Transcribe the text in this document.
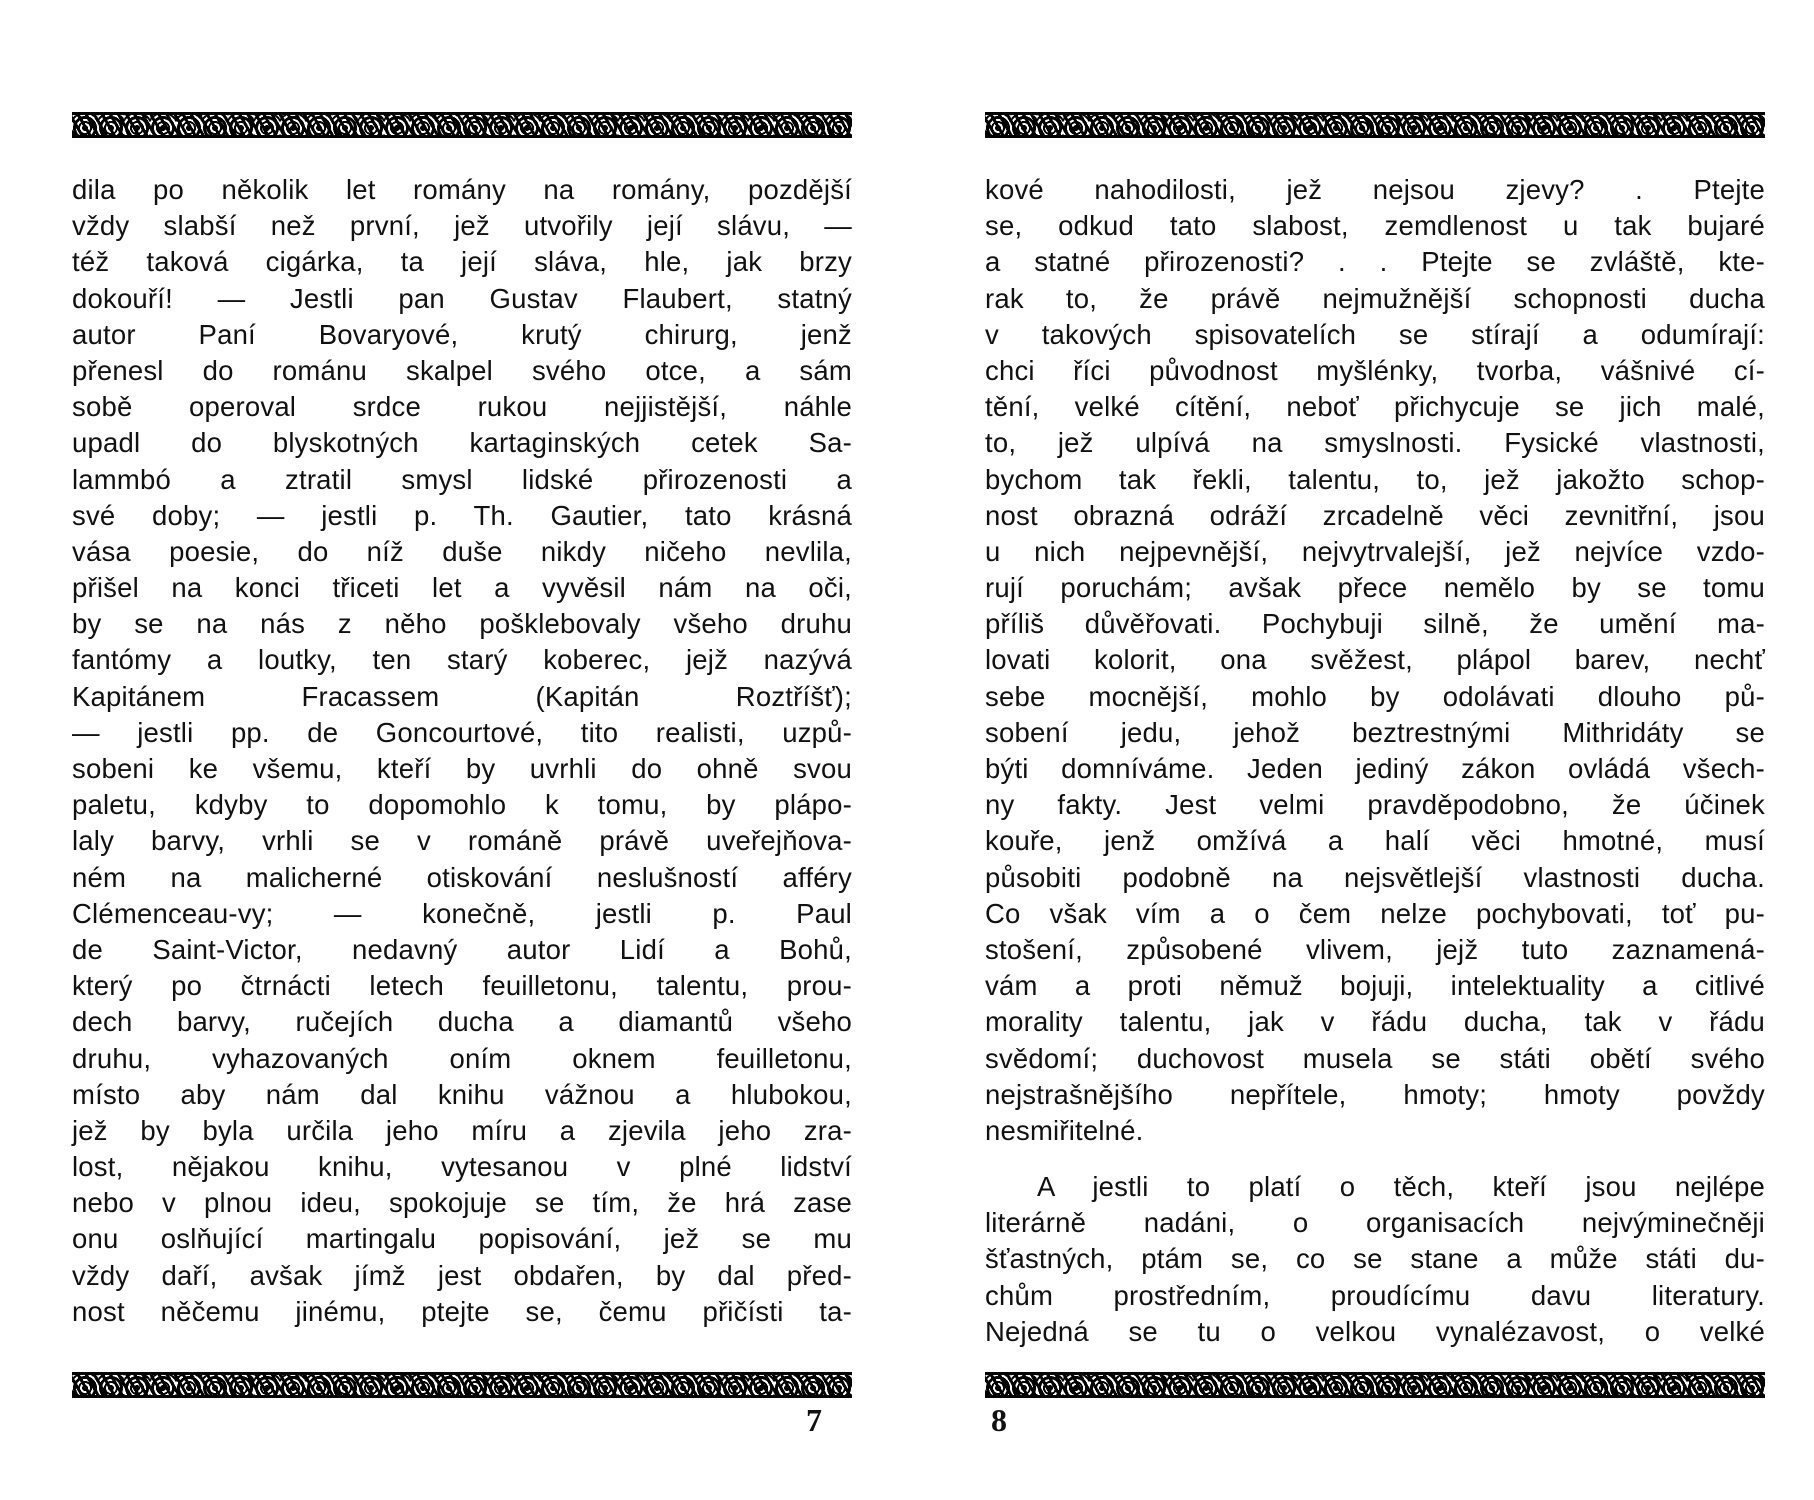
dila po několik let romány na romány, pozdější
vždy slabší než první, jež utvořily její slávu, —
též taková cigárka, ta její sláva, hle, jak brzy
dokouří! — Jestli pan Gustav Flaubert, statný
autor Paní Bovaryové, krutý chirurg, jenž
přenesl do románu skalpel svého otce, a sám
sobě operoval srdce rukou nejjistější, náhle
upadl do blyskotných kartaginských cetek Sa-
lammbó a ztratil smysl lidské přirozenosti a
své doby; — jestli p. Th. Gautier, tato krásná
vása poesie, do níž duše nikdy ničeho nevlila,
přišel na konci třiceti let a vyvěsil nám na oči,
by se na nás z něho pošklebovaly všeho druhu
fantómy a loutky, ten starý koberec, jejž nazývá
Kapitánem Fracassem (Kapitán Roztříšť);
— jestli pp. de Goncourtové, tito realisti, uzpů-
sobeni ke všemu, kteří by uvrhli do ohně svou
paletu, kdyby to dopomohlo k tomu, by plápo-
laly barvy, vrhli se v románě právě uveřejňova-
ném na malicherné otiskování neslušností afféry
Clémenceau-vy; — konečně, jestli p. Paul
de Saint-Victor, nedavný autor Lidí a Bohů,
který po čtrnácti letech feuilletonu, talentu, prou-
dech barvy, ručejích ducha a diamantů všeho
druhu, vyhazovaných oním oknem feuilletonu,
místo aby nám dal knihu vážnou a hlubokou,
jež by byla určila jeho míru a zjevila jeho zra-
lost, nějakou knihu, vytesanou v plné lidství
nebo v plnou ideu, spokojuje se tím, že hrá zase
onu oslňující martingalu popisování, jež se mu
vždy daří, avšak jímž jest obdařen, by dal před-
nost něčemu jinému, ptejte se, čemu přičísti ta-
7
kové nahodilosti, jež nejsou zjevy? . Ptejte
se, odkud tato slabost, zemdlenost u tak bujaré
a statné přirozenosti? . . Ptejte se zvláště, kte-
rak to, že právě nejmužnější schopnosti ducha
v takových spisovatelích se stírají a odumírají:
chci říci původnost myšlénky, tvorba, vášnivé cí-
tění, velké cítění, neboť přichycuje se jich malé,
to, jež ulpívá na smyslnosti. Fysické vlastnosti,
bychom tak řekli, talentu, to, jež jakožto schop-
nost obrazná odráží zrcadelně věci zevnitřní, jsou
u nich nejpevnější, nejvytrvalejší, jež nejvíce vzdo-
rují poruchám; avšak přece nemělo by se tomu
příliš důvěřovati. Pochybuji silně, že umění ma-
lovati kolorit, ona svěžest, plápol barev, nechť
sebe mocnější, mohlo by odolávati dlouho pů-
sobení jedu, jehož beztrestnými Mithridáty se
býti domníváme. Jeden jediný zákon ovládá všech-
ny fakty. Jest velmi pravděpodobno, že účinek
kouře, jenž omžívá a halí věci hmotné, musí
působiti podobně na nejsvětlejší vlastnosti ducha.
Co však vím a o čem nelze pochybovati, toť pu-
stošení, způsobené vlivem, jejž tuto zaznamená-
vám a proti němuž bojuji, intelektuality a citlivé
morality talentu, jak v řádu ducha, tak v řádu
svědomí; duchovost musela se státi obětí svého
nejstrašnějšího nepřítele, hmoty; hmoty povždy
nesmiřitelné.
A jestli to platí o těch, kteří jsou nejlépe
literárně nadáni, o organisacích nejvýminečněji
šťastných, ptám se, co se stane a může státi du-
chům prostředním, proudícímu davu literatury.
Nejedná se tu o velkou vynalézavost, o velké
8
